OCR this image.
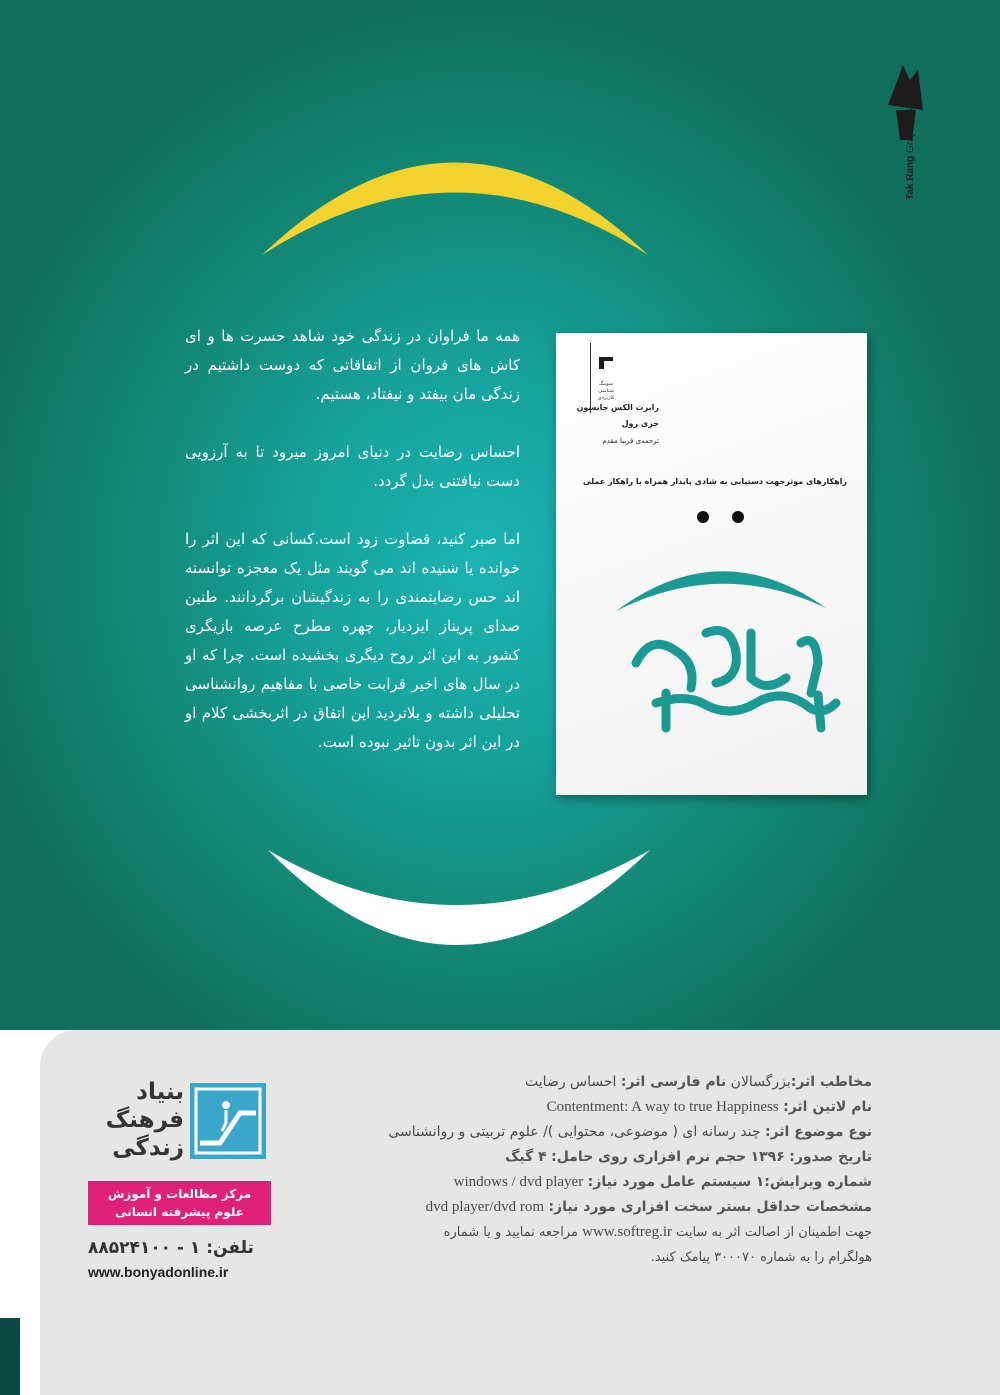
Tak Rang Graphic Studio

همه ما فراوان در زندگی خود شاهد حسرت ها و ای کاش های فروان از اتفاقاتی که دوست داشتیم در زندگی مان بیفتد و نیفتاد، هستیم.

احساس رضایت در دنیای امروز میرود تا به آرزویی دست نیافتنی بدل گردد.

اما صبر کنید، قضاوت زود است.کسانی که این اثر را خوانده یا شنیده اند می گویند مثل یک معجزه توانسته اند حس رضایتمندی را به زندگیشان برگردانند. طنین صدای پریناز ایزدیار، چهره مطرح عرصه بازیگری کشور به این اثر روح دیگری بخشیده است. چرا که او در سال های اخیر قرابت خاصی با مفاهیم روانشناسی تحلیلی داشته و بلاتردید این اتفاق در اثربخشی کلام او در این اثر بدون تاثیر نبوده است.

سوینگ شناسی کاربردی
رابرت الکس جانسون
جری رول
ترجمه‌ی فریبا مقدم
راهکارهای موثرجهت دستیابی به شادی پایدار همراه با راهکار عملی
مخاطب اثر:بزرگسالان نام فارسی اثر: احساس رضایت
نام لاتین اثر: Contentment: A way to true Happiness
نوع موضوع اثر: چند رسانه ای ( موضوعی، محتوایی )/ علوم تربیتی و روانشناسی
تاریخ صدور: ۱۳۹۶ حجم نرم افزاری روی حامل: ۴ گیگ
شماره ویرایش:۱ سیستم عامل مورد نیاز: windows / dvd player
مشخصات حداقل بستر سخت افزاری مورد نیاز: dvd player/dvd rom
جهت اطمینان از اصالت اثر به سایت www.softreg.ir مراجعه نمایید و یا شماره
هولگرام را به شماره ۳۰۰۰۷۰ پیامک کنید.
بنیاد
فرهنگ
زندگی
مرکز مطالعات و آموزش
علوم پیشرفته انسانی
تلفن: ۱ - ۸۸۵۲۴۱۰۰
www.bonyadonline.ir
